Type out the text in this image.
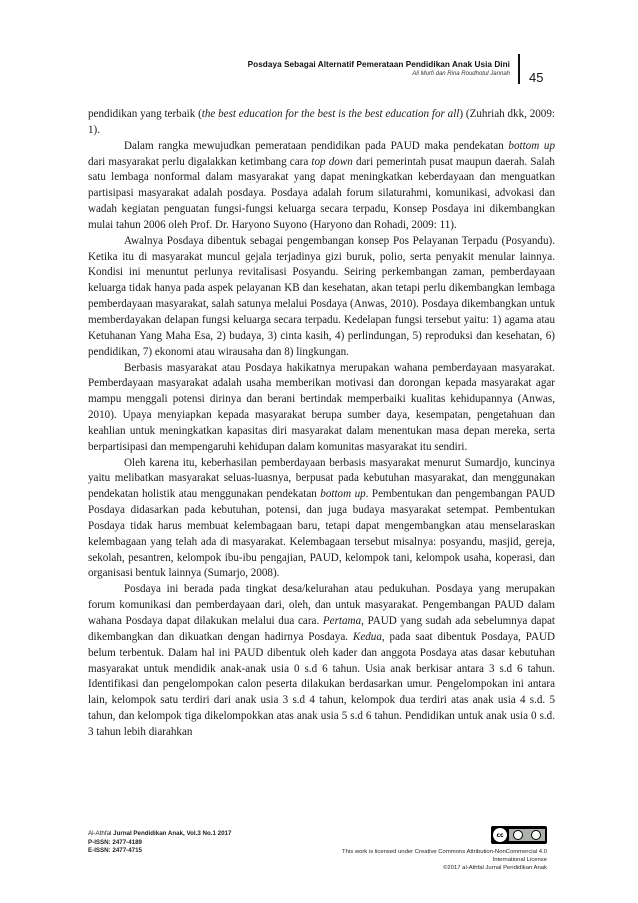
Posdaya Sebagai Alternatif Pemerataan Pendidikan Anak Usia Dini
Ali Murfi dan Rina Roudhotul Jannah 45

pendidikan yang terbaik (the best education for the best is the best education for all) (Zuhriah dkk, 2009: 1).

Dalam rangka mewujudkan pemerataan pendidikan pada PAUD maka pendekatan bottom up dari masyarakat perlu digalakkan ketimbang cara top down dari pemerintah pusat maupun daerah. Salah satu lembaga nonformal dalam masyarakat yang dapat meningkatkan keberdayaan dan menguatkan partisipasi masyarakat adalah posdaya. Posdaya adalah forum silaturahmi, komunikasi, advokasi dan wadah kegiatan penguatan fungsi-fungsi keluarga secara terpadu, Konsep Posdaya ini dikembangkan mulai tahun 2006 oleh Prof. Dr. Haryono Suyono (Haryono dan Rohadi, 2009: 11).

Awalnya Posdaya dibentuk sebagai pengembangan konsep Pos Pelayanan Terpadu (Posyandu). Ketika itu di masyarakat muncul gejala terjadinya gizi buruk, polio, serta penyakit menular lainnya. Kondisi ini menuntut perlunya revitalisasi Posyandu. Seiring perkembangan zaman, pemberdayaan keluarga tidak hanya pada aspek pelayanan KB dan kesehatan, akan tetapi perlu dikembangkan lembaga pemberdayaan masyarakat, salah satunya melalui Posdaya (Anwas, 2010). Posdaya dikembangkan untuk memberdayakan delapan fungsi keluarga secara terpadu. Kedelapan fungsi tersebut yaitu: 1) agama atau Ketuhanan Yang Maha Esa, 2) budaya, 3) cinta kasih, 4) perlindungan, 5) reproduksi dan kesehatan, 6) pendidikan, 7) ekonomi atau wirausaha dan 8) lingkungan.

Berbasis masyarakat atau Posdaya hakikatnya merupakan wahana pemberdayaan masyarakat. Pemberdayaan masyarakat adalah usaha memberikan motivasi dan dorongan kepada masyarakat agar mampu menggali potensi dirinya dan berani bertindak memperbaiki kualitas kehidupannya (Anwas, 2010). Upaya menyiapkan kepada masyarakat berupa sumber daya, kesempatan, pengetahuan dan keahlian untuk meningkatkan kapasitas diri masyarakat dalam menentukan masa depan mereka, serta berpartisipasi dan mempengaruhi kehidupan dalam komunitas masyarakat itu sendiri.

Oleh karena itu, keberhasilan pemberdayaan berbasis masyarakat menurut Sumardjo, kuncinya yaitu melibatkan masyarakat seluas-luasnya, berpusat pada kebutuhan masyarakat, dan menggunakan pendekatan holistik atau menggunakan pendekatan bottom up. Pembentukan dan pengembangan PAUD Posdaya didasarkan pada kebutuhan, potensi, dan juga budaya masyarakat setempat. Pembentukan Posdaya tidak harus membuat kelembagaan baru, tetapi dapat mengembangkan atau menselaraskan kelembagaan yang telah ada di masyarakat. Kelembagaan tersebut misalnya: posyandu, masjid, gereja, sekolah, pesantren, kelompok ibu-ibu pengajian, PAUD, kelompok tani, kelompok usaha, koperasi, dan organisasi bentuk lainnya (Sumarjo, 2008).

Posdaya ini berada pada tingkat desa/kelurahan atau pedukuhan. Posdaya yang merupakan forum komunikasi dan pemberdayaan dari, oleh, dan untuk masyarakat. Pengembangan PAUD dalam wahana Posdaya dapat dilakukan melalui dua cara. Pertama, PAUD yang sudah ada sebelumnya dapat dikembangkan dan dikuatkan dengan hadirnya Posdaya. Kedua, pada saat dibentuk Posdaya, PAUD belum terbentuk. Dalam hal ini PAUD dibentuk oleh kader dan anggota Posdaya atas dasar kebutuhan masyarakat untuk mendidik anak-anak usia 0 s.d 6 tahun. Usia anak berkisar antara 3 s.d 6 tahun. Identifikasi dan pengelompokan calon peserta dilakukan berdasarkan umur. Pengelompokan ini antara lain, kelompok satu terdiri dari anak usia 3 s.d 4 tahun, kelompok dua terdiri atas anak usia 4 s.d. 5 tahun, dan kelompok tiga dikelompokkan atas anak usia 5 s.d 6 tahun. Pendidikan untuk anak usia 0 s.d. 3 tahun lebih diarahkan

Al-Athfal Jurnal Pendidikan Anak, Vol.3 No.1 2017
P-ISSN: 2477-4189
E-ISSN: 2477-4715
cc
This work is licensed under Creative Commons Attribution-NonCommercial 4.0
International License
©2017 al-Athfal Jurnal Pendidikan Anak
